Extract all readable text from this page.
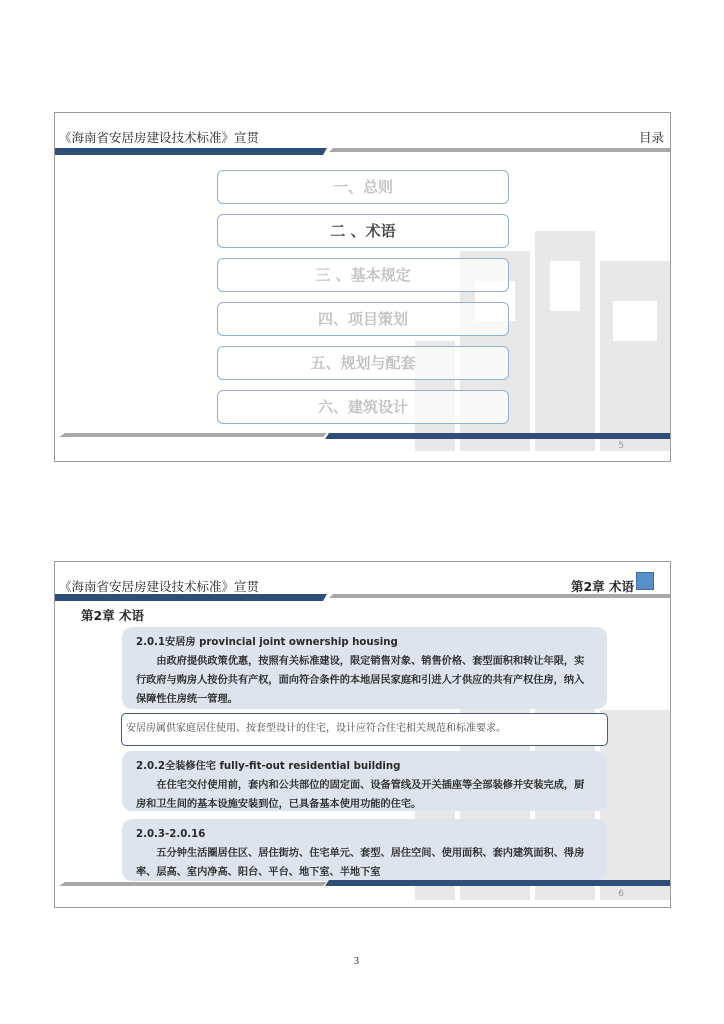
《海南省安居房建设技术标准》宣贯	目录
一、总则
二 、术语
三 、基本规定
四、项目策划
五、规划与配套
六、建筑设计
5
《海南省安居房建设技术标准》宣贯	第2章 术语
第2章 术语
2.0.1安居房 provincial joint ownership housing
由政府提供政策优惠，按照有关标准建设，限定销售对象、销售价格、套型面积和转让年限，实行政府与购房人按份共有产权，面向符合条件的本地居民家庭和引进人才供应的共有产权住房，纳入保障性住房统一管理。
安居房属供家庭居住使用、按套型设计的住宅，设计应符合住宅相关规范和标准要求。
2.0.2全装修住宅 fully-fit-out residential building
在住宅交付使用前，套内和公共部位的固定面、设备管线及开关插座等全部装修并安装完成，厨房和卫生间的基本设施安装到位，已具备基本使用功能的住宅。
2.0.3-2.0.16
五分钟生活圈居住区、居住街坊、住宅单元、套型、居住空间、使用面积、套内建筑面积、得房率、层高、室内净高、阳台、平台、地下室、半地下室
6
3
